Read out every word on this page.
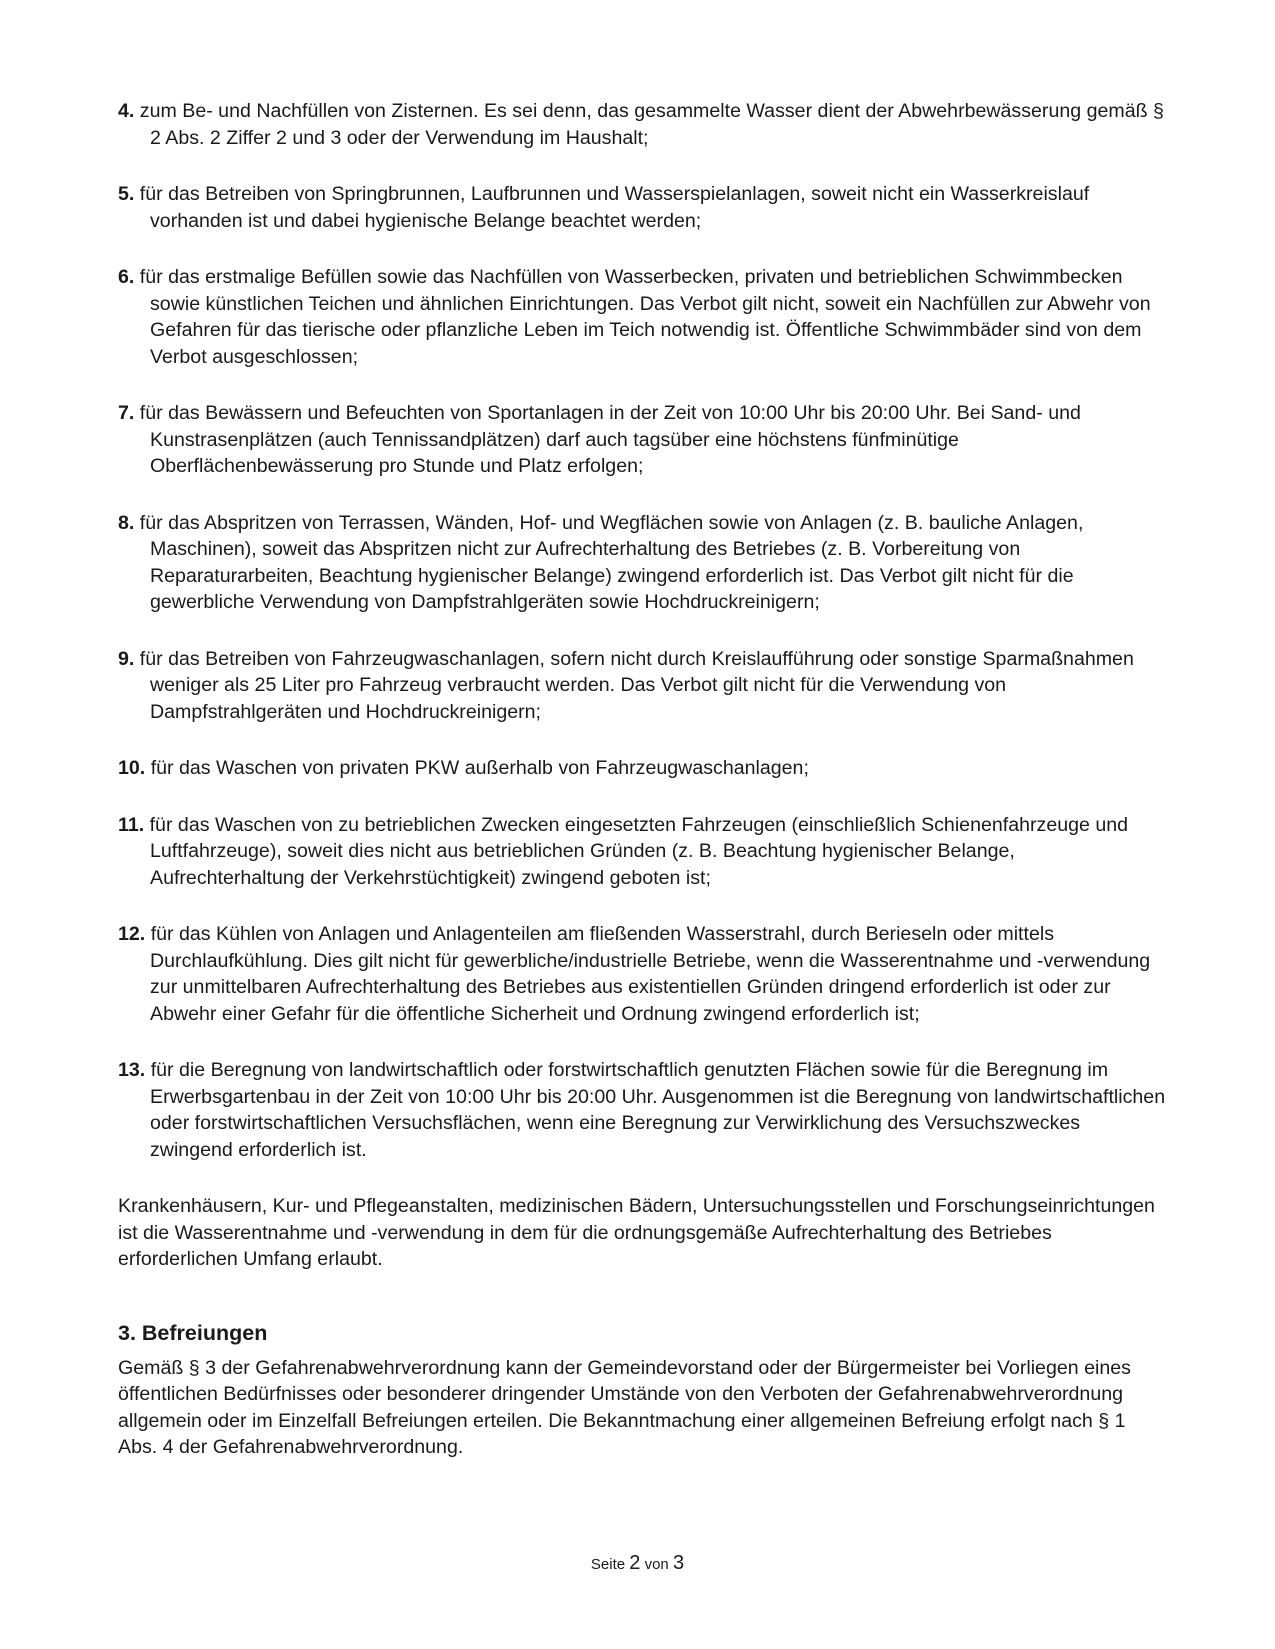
4. zum Be- und Nachfüllen von Zisternen. Es sei denn, das gesammelte Wasser dient der Abwehrbewässerung gemäß § 2 Abs. 2 Ziffer 2 und 3 oder der Verwendung im Haushalt;

5. für das Betreiben von Springbrunnen, Laufbrunnen und Wasserspielanlagen, soweit nicht ein Wasserkreislauf vorhanden ist und dabei hygienische Belange beachtet werden;

6. für das erstmalige Befüllen sowie das Nachfüllen von Wasserbecken, privaten und betrieblichen Schwimmbecken sowie künstlichen Teichen und ähnlichen Einrichtungen. Das Verbot gilt nicht, soweit ein Nachfüllen zur Abwehr von Gefahren für das tierische oder pflanzliche Leben im Teich notwendig ist. Öffentliche Schwimmbäder sind von dem Verbot ausgeschlossen;

7. für das Bewässern und Befeuchten von Sportanlagen in der Zeit von 10:00 Uhr bis 20:00 Uhr. Bei Sand- und Kunstrasenplätzen (auch Tennissandplätzen) darf auch tagsüber eine höchstens fünfminütige Oberflächenbewässerung pro Stunde und Platz erfolgen;

8. für das Abspritzen von Terrassen, Wänden, Hof- und Wegflächen sowie von Anlagen (z. B. bauliche Anlagen, Maschinen), soweit das Abspritzen nicht zur Aufrechterhaltung des Betriebes (z. B. Vorbereitung von Reparaturarbeiten, Beachtung hygienischer Belange) zwingend erforderlich ist. Das Verbot gilt nicht für die gewerbliche Verwendung von Dampfstrahlgeräten sowie Hochdruckreinigern;

9. für das Betreiben von Fahrzeugwaschanlagen, sofern nicht durch Kreislaufführung oder sonstige Sparmaßnahmen weniger als 25 Liter pro Fahrzeug verbraucht werden. Das Verbot gilt nicht für die Verwendung von Dampfstrahlgeräten und Hochdruckreinigern;

10. für das Waschen von privaten PKW außerhalb von Fahrzeugwaschanlagen;

11. für das Waschen von zu betrieblichen Zwecken eingesetzten Fahrzeugen (einschließlich Schienenfahrzeuge und Luftfahrzeuge), soweit dies nicht aus betrieblichen Gründen (z. B. Beachtung hygienischer Belange, Aufrechterhaltung der Verkehrstüchtigkeit) zwingend geboten ist;

12. für das Kühlen von Anlagen und Anlagenteilen am fließenden Wasserstrahl, durch Berieseln oder mittels Durchlaufkühlung. Dies gilt nicht für gewerbliche/industrielle Betriebe, wenn die Wasserentnahme und -verwendung zur unmittelbaren Aufrechterhaltung des Betriebes aus existentiellen Gründen dringend erforderlich ist oder zur Abwehr einer Gefahr für die öffentliche Sicherheit und Ordnung zwingend erforderlich ist;

13. für die Beregnung von landwirtschaftlich oder forstwirtschaftlich genutzten Flächen sowie für die Beregnung im Erwerbsgartenbau in der Zeit von 10:00 Uhr bis 20:00 Uhr. Ausgenommen ist die Beregnung von landwirtschaftlichen oder forstwirtschaftlichen Versuchsflächen, wenn eine Beregnung zur Verwirklichung des Versuchszweckes zwingend erforderlich ist.

Krankenhäusern, Kur- und Pflegeanstalten, medizinischen Bädern, Untersuchungsstellen und Forschungseinrichtungen ist die Wasserentnahme und -verwendung in dem für die ordnungsgemäße Aufrechterhaltung des Betriebes erforderlichen Umfang erlaubt.

3. Befreiungen

Gemäß § 3 der Gefahrenabwehrverordnung kann der Gemeindevorstand oder der Bürgermeister bei Vorliegen eines öffentlichen Bedürfnisses oder besonderer dringender Umstände von den Verboten der Gefahrenabwehrverordnung allgemein oder im Einzelfall Befreiungen erteilen. Die Bekanntmachung einer allgemeinen Befreiung erfolgt nach § 1 Abs. 4 der Gefahrenabwehrverordnung.

Seite 2 von 3
